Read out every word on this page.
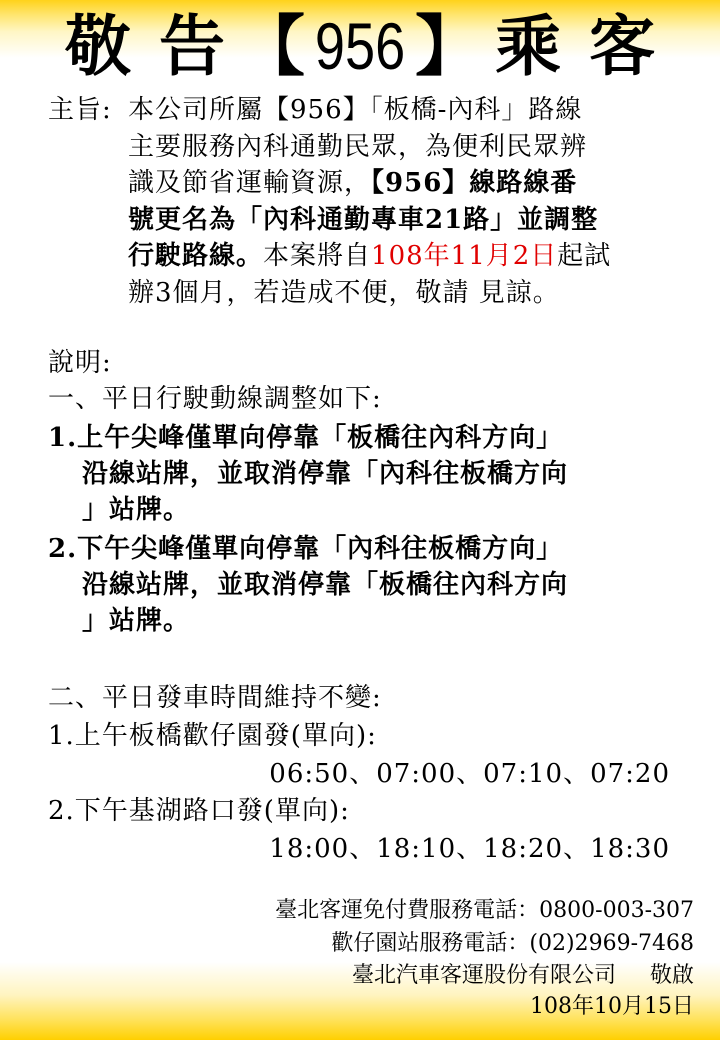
敬 告 【 956 】 乘 客
主旨: 本公司所屬【956】「板橋-內科」路線
主要服務內科通勤民眾，為便利民眾辨
識及節省運輸資源，【956】線路線番
號更名為「內科通勤專車21路」並調整
行駛路線。本案將自108年11月2日起試
辦3個月，若造成不便，敬請 見諒。
說明:
一、平日行駛動線調整如下:
1.上午尖峰僅單向停靠「板橋往內科方向」
沿線站牌，並取消停靠「內科往板橋方向
」站牌。
2.下午尖峰僅單向停靠「內科往板橋方向」
沿線站牌，並取消停靠「板橋往內科方向
」站牌。
二、平日發車時間維持不變:
1.上午板橋歡仔園發(單向):
06:50、07:00、07:10、07:20
2.下午基湖路口發(單向):
18:00、18:10、18:20、18:30
臺北客運免付費服務電話：0800-003-307
歡仔園站服務電話：(02)2969-7468
臺北汽車客運股份有限公司 敬啟
108年10月15日
